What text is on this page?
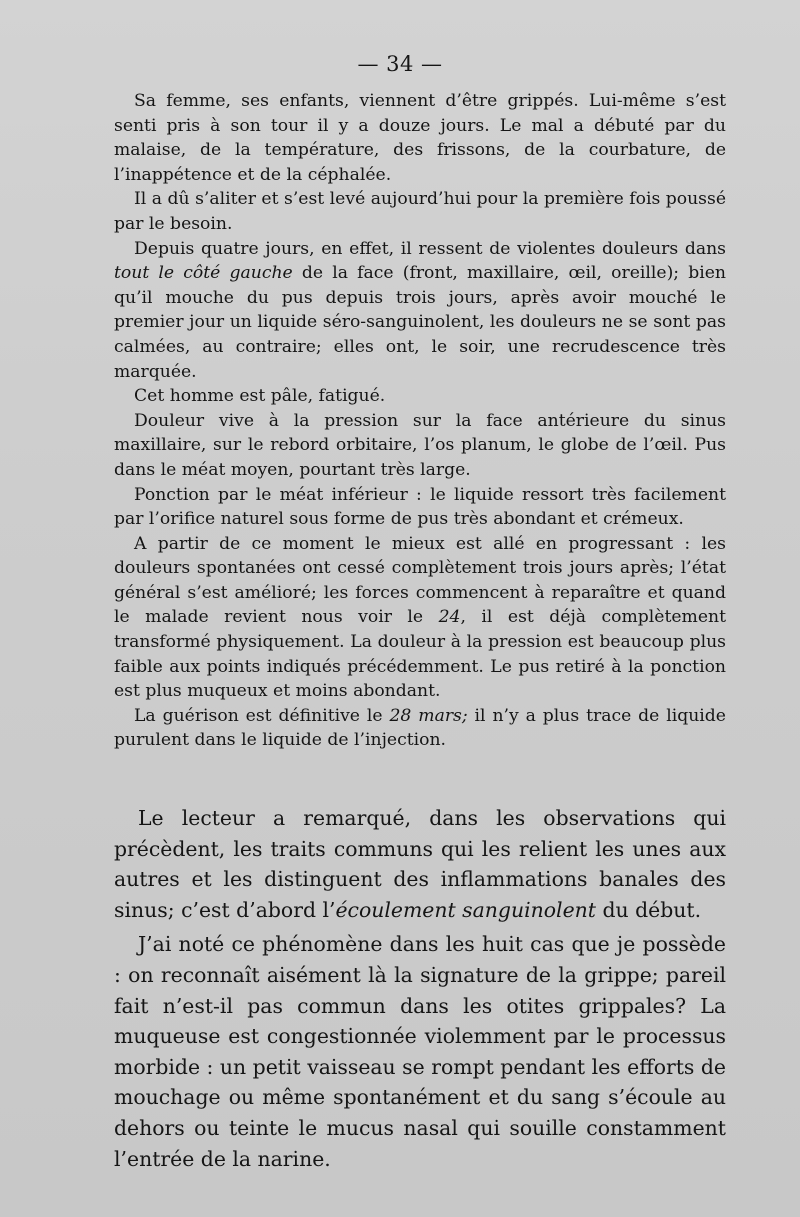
— 34 —

Sa femme, ses enfants, viennent d’être grippés. Lui-même s’est senti pris à son tour il y a douze jours. Le mal a débuté par du malaise, de la température, des frissons, de la courbature, de l’inappétence et de la céphalée.

Il a dû s’aliter et s’est levé aujourd’hui pour la première fois poussé par le besoin.

Depuis quatre jours, en effet, il ressent de violentes douleurs dans tout le côté gauche de la face (front, maxillaire, œil, oreille); bien qu’il mouche du pus depuis trois jours, après avoir mouché le premier jour un liquide séro-sanguinolent, les douleurs ne se sont pas calmées, au contraire; elles ont, le soir, une recrudescence très marquée.

Cet homme est pâle, fatigué.

Douleur vive à la pression sur la face antérieure du sinus maxillaire, sur le rebord orbitaire, l’os planum, le globe de l’œil. Pus dans le méat moyen, pourtant très large.

Ponction par le méat inférieur : le liquide ressort très facilement par l’orifice naturel sous forme de pus très abondant et crémeux.

A partir de ce moment le mieux est allé en progressant : les douleurs spontanées ont cessé complètement trois jours après; l’état général s’est amélioré; les forces commencent à reparaître et quand le malade revient nous voir le 24, il est déjà complètement transformé physiquement. La douleur à la pression est beaucoup plus faible aux points indiqués précédemment. Le pus retiré à la ponction est plus muqueux et moins abondant.

La guérison est définitive le 28 mars; il n’y a plus trace de liquide purulent dans le liquide de l’injection.

Le lecteur a remarqué, dans les observations qui précèdent, les traits communs qui les relient les unes aux autres et les distinguent des inflammations banales des sinus; c’est d’abord l’écoulement sanguinolent du début.

J’ai noté ce phénomène dans les huit cas que je possède : on reconnaît aisément là la signature de la grippe; pareil fait n’est-il pas commun dans les otites grippales? La muqueuse est congestionnée violemment par le processus morbide : un petit vaisseau se rompt pendant les efforts de mouchage ou même spontanément et du sang s’écoule au dehors ou teinte le mucus nasal qui souille constamment l’entrée de la narine.
